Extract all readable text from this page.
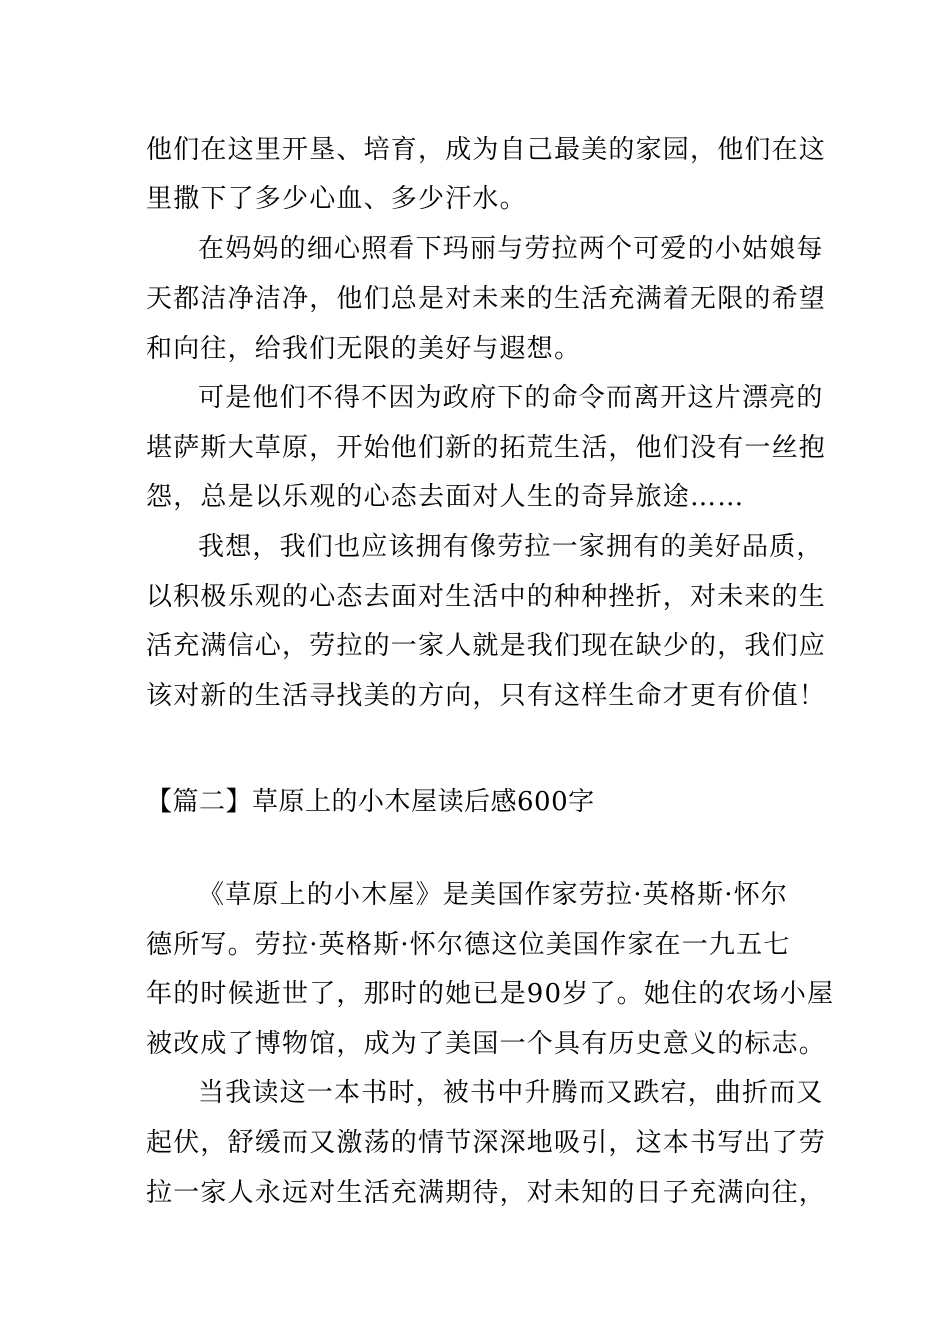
他们在这里开垦、培育，成为自己最美的家园，他们在这
里撒下了多少心血、多少汗水。
在妈妈的细心照看下玛丽与劳拉两个可爱的小姑娘每
天都洁净洁净，他们总是对未来的生活充满着无限的希望
和向往，给我们无限的美好与遐想。
可是他们不得不因为政府下的命令而离开这片漂亮的
堪萨斯大草原，开始他们新的拓荒生活，他们没有一丝抱
怨，总是以乐观的心态去面对人生的奇异旅途……
我想，我们也应该拥有像劳拉一家拥有的美好品质，
以积极乐观的心态去面对生活中的种种挫折，对未来的生
活充满信心，劳拉的一家人就是我们现在缺少的，我们应
该对新的生活寻找美的方向，只有这样生命才更有价值！
【篇二】草原上的小木屋读后感600字
《草原上的小木屋》是美国作家劳拉·英格斯·怀尔
德所写。劳拉·英格斯·怀尔德这位美国作家在一九五七
年的时候逝世了，那时的她已是90岁了。她住的农场小屋
被改成了博物馆，成为了美国一个具有历史意义的标志。
当我读这一本书时，被书中升腾而又跌宕，曲折而又
起伏，舒缓而又激荡的情节深深地吸引，这本书写出了劳
拉一家人永远对生活充满期待，对未知的日子充满向往，
